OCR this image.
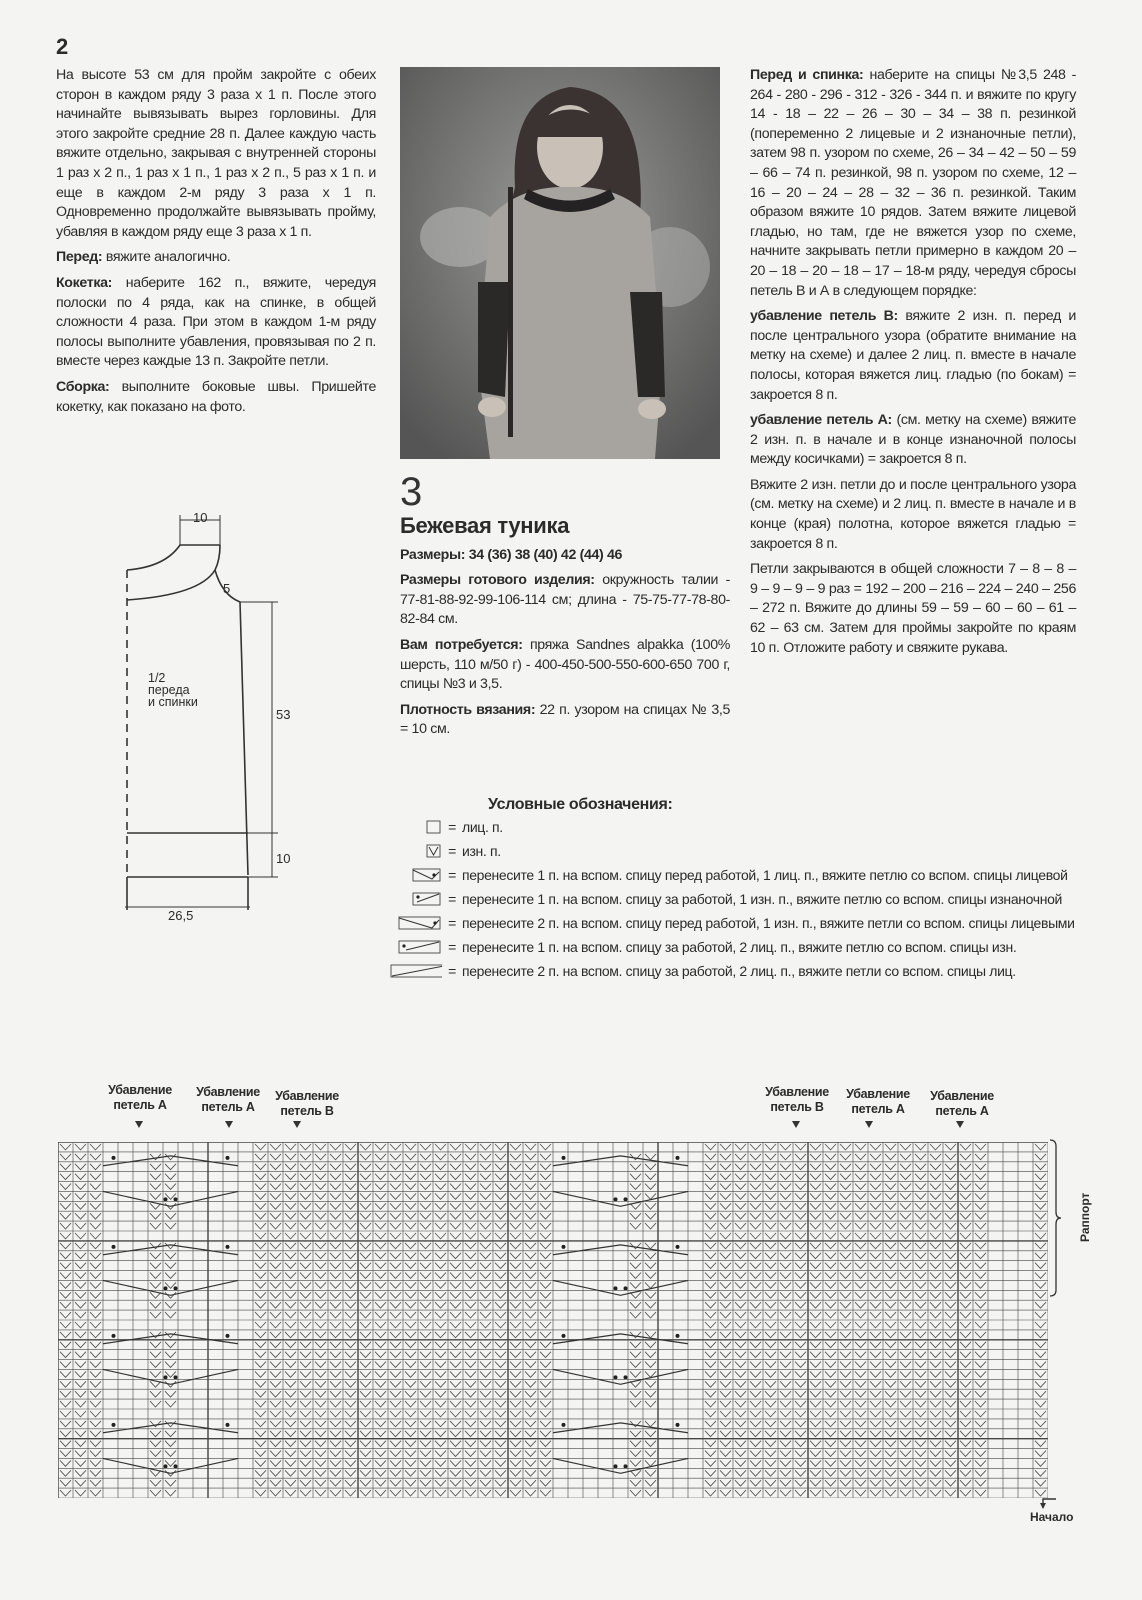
2

На высоте 53 см для пройм закройте с обеих сторон в каждом ряду 3 раза х 1 п. После этого начинайте вывязывать вырез горловины. Для этого закройте средние 28 п. Далее каждую часть вяжите отдельно, закрывая с внутренней стороны 1 раз х 2 п., 1 раз х 1 п., 1 раз х 2 п., 5 раз х 1 п. и еще в каждом 2-м ряду 3 раза х 1 п. Одновременно продолжайте вывязывать пройму, убавляя в каждом ряду еще 3 раза х 1 п.

Перед: вяжите аналогично.

Кокетка: наберите 162 п., вяжите, чередуя полоски по 4 ряда, как на спинке, в общей сложности 4 раза. При этом в каждом 1-м ряду полосы выполните убавления, провязывая по 2 п. вместе через каждые 13 п. Закройте петли.

Сборка: выполните боковые швы. Пришейте кокетку, как показано на фото.

10
5
53
10
26,5
1/2
переда
и спинки
3
Бежевая туника

Размеры: 34 (36) 38 (40) 42 (44) 46

Размеры готового изделия: окружность талии - 77-81-88-92-99-106-114 см; длина - 75-75-77-78-80-82-84 см.

Вам потребуется: пряжа Sandnes alpakka (100% шерсть, 110 м/50 г) - 400-450-500-550-600-650 700 г, спицы №3 и 3,5.

Плотность вязания: 22 п. узором на спицах № 3,5 = 10 см.

Перед и спинка: наберите на спицы №3,5 248 - 264 - 280 - 296 - 312 - 326 - 344 п. и вяжите по кругу 14 - 18 – 22 – 26 – 30 – 34 – 38 п. резинкой (попеременно 2 лицевые и 2 изнаночные петли), затем 98 п. узором по схеме, 26 – 34 – 42 – 50 – 59 – 66 – 74 п. резинкой, 98 п. узором по схеме, 12 – 16 – 20 – 24 – 28 – 32 – 36 п. резинкой. Таким образом вяжите 10 рядов. Затем вяжите лицевой гладью, но там, где не вяжется узор по схеме, начните закрывать петли примерно в каждом 20 – 20 – 18 – 20 – 18 – 17 – 18-м ряду, чередуя сбросы петель В и А в следующем порядке:

убавление петель В: вяжите 2 изн. п. перед и после центрального узора (обратите внимание на метку на схеме) и далее 2 лиц. п. вместе в начале полосы, которая вяжется лиц. гладью (по бокам) = закроется 8 п.

убавление петель А: (см. метку на схеме) вяжите 2 изн. п. в начале и в конце изнаночной полосы между косичками) = закроется 8 п.

Вяжите 2 изн. петли до и после центрального узора (см. метку на схеме) и 2 лиц. п. вместе в начале и в конце (края) полотна, которое вяжется гладью = закроется 8 п.

Петли закрываются в общей сложности 7 – 8 – 8 – 9 – 9 – 9 – 9 раз = 192 – 200 – 216 – 224 – 240 – 256 – 272 п. Вяжите до длины 59 – 59 – 60 – 60 – 61 – 62 – 63 см. Затем для проймы закройте по краям 10 п. Отложите работу и свяжите рукава.

Условные обозначения:
= лиц. п.
= изн. п.
= перенесите 1 п. на вспом. спицу перед работой, 1 лиц. п., вяжите петлю со вспом. спицы лицевой
= перенесите 1 п. на вспом. спицу за работой, 1 изн. п., вяжите петлю со вспом. спицы изнаночной
= перенесите 2 п. на вспом. спицу перед работой, 1 изн. п., вяжите петли со вспом. спицы лицевыми
= перенесите 1 п. на вспом. спицу за работой, 2 лиц. п., вяжите петлю со вспом. спицы изн.
= перенесите 2 п. на вспом. спицу за работой, 2 лиц. п., вяжите петли со вспом. спицы лиц.
Убавление
петель А
Убавление
петель А
Убавление
петель В
Убавление
петель В
Убавление
петель А
Убавление
петель А
Раппорт
Начало
